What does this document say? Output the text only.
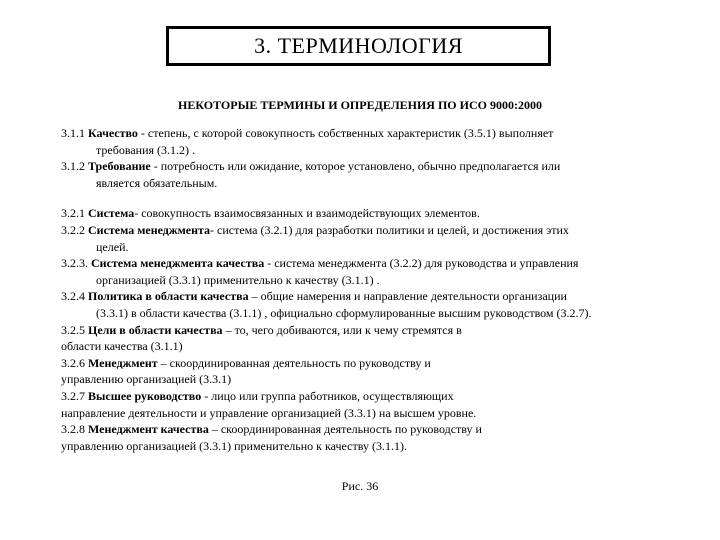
3. ТЕРМИНОЛОГИЯ
НЕКОТОРЫЕ ТЕРМИНЫ И ОПРЕДЕЛЕНИЯ ПО ИСО 9000:2000
3.1.1 Качество - степень, с которой совокупность собственных характеристик (3.5.1) выполняет
требования (3.1.2) .
3.1.2 Требование - потребность или ожидание, которое установлено, обычно предполагается или
является обязательным.
3.2.1 Система- совокупность взаимосвязанных и взаимодействующих элементов.
3.2.2 Система менеджмента- система (3.2.1) для разработки политики и целей, и достижения этих
целей.
3.2.3. Система менеджмента качества - система менеджмента (3.2.2) для руководства и управления
организацией (3.3.1) применительно к качеству (3.1.1) .
3.2.4 Политика в области качества – общие намерения и направление деятельности организации
(3.3.1) в области качества (3.1.1) , официально сформулированные высшим руководством (3.2.7).
3.2.5 Цели в области качества – то, чего добиваются, или к чему стремятся в
области качества (3.1.1)
3.2.6 Менеджмент – скоординированная деятельность по руководству и
управлению организацией (3.3.1)
3.2.7 Высшее руководство - лицо или группа работников, осуществляющих
направление деятельности и управление организацией (3.3.1) на высшем уровне.
3.2.8 Менеджмент качества – скоординированная деятельность по руководству и
управлению организацией (3.3.1) применительно к качеству (3.1.1).
Рис. 36
